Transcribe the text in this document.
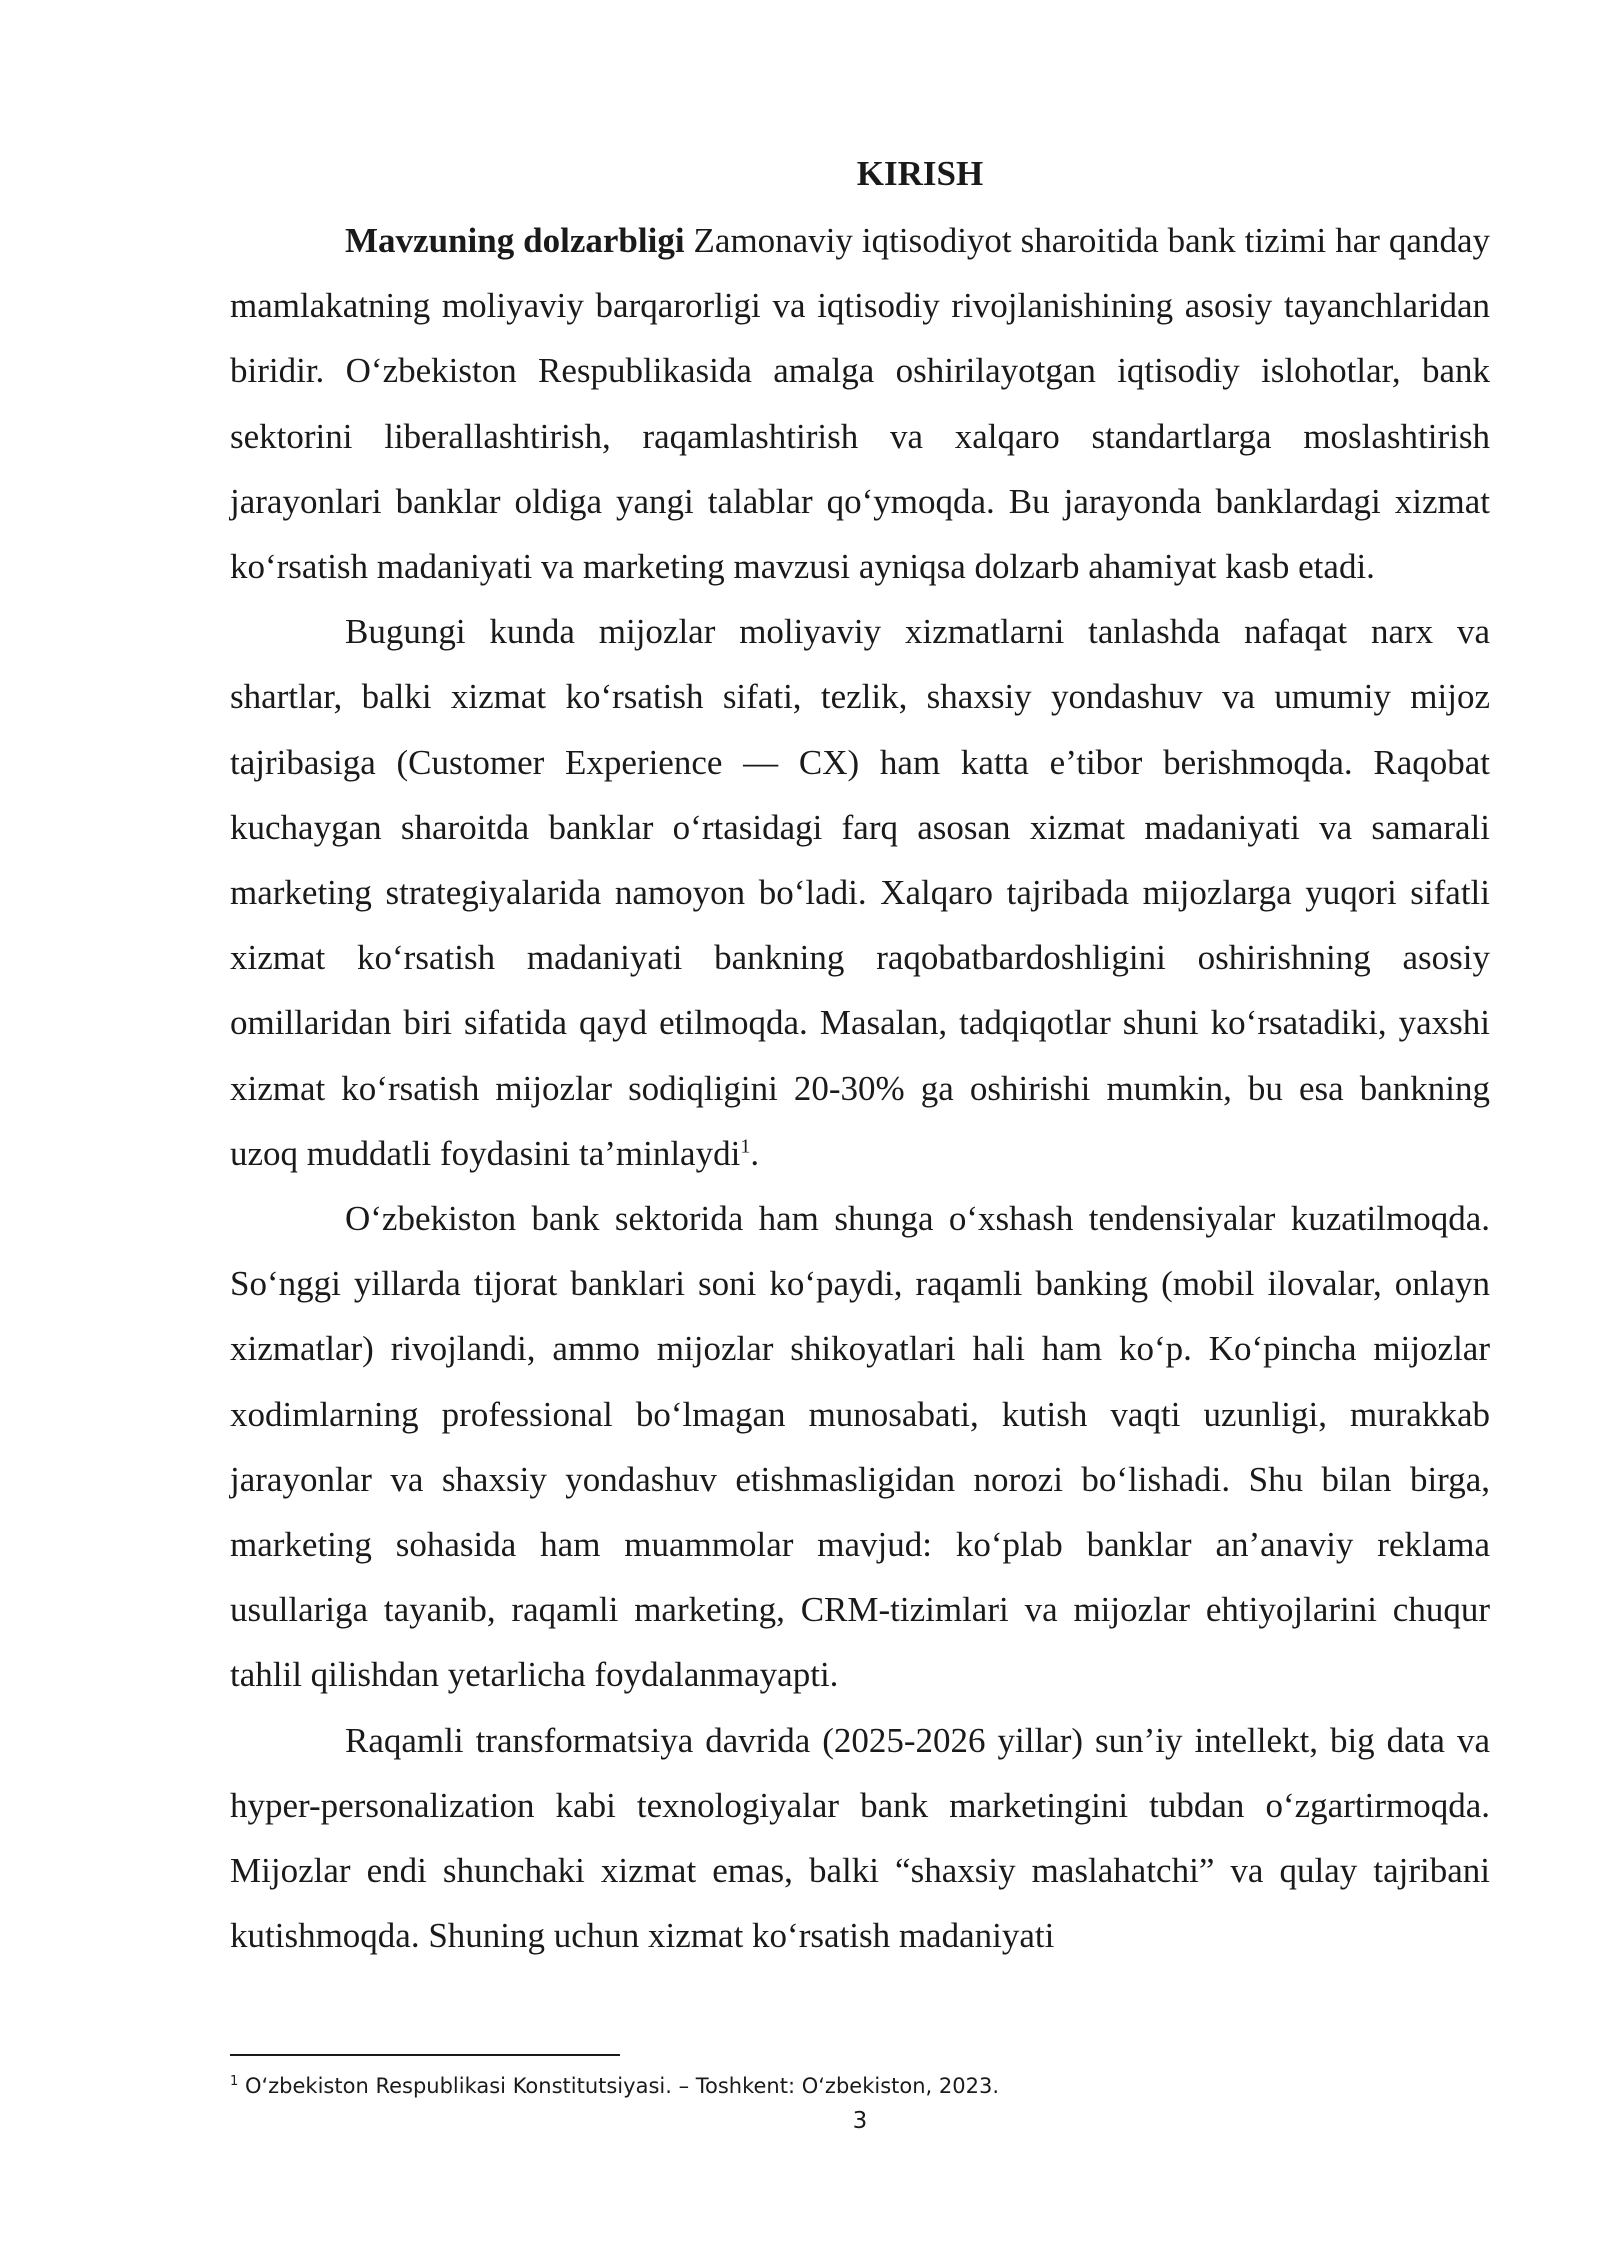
KIRISH

Mavzuning dolzarbligi Zamonaviy iqtisodiyot sharoitida bank tizimi har qanday mamlakatning moliyaviy barqarorligi va iqtisodiy rivojlanishining asosiy tayanchlaridan biridir. O‘zbekiston Respublikasida amalga oshirilayotgan iqtisodiy islohotlar, bank sektorini liberallashtirish, raqamlashtirish va xalqaro standartlarga moslashtirish jarayonlari banklar oldiga yangi talablar qo‘ymoqda. Bu jarayonda banklardagi xizmat ko‘rsatish madaniyati va marketing mavzusi ayniqsa dolzarb ahamiyat kasb etadi.

Bugungi kunda mijozlar moliyaviy xizmatlarni tanlashda nafaqat narx va shartlar, balki xizmat ko‘rsatish sifati, tezlik, shaxsiy yondashuv va umumiy mijoz tajribasiga (Customer Experience — CX) ham katta e’tibor berishmoqda. Raqobat kuchaygan sharoitda banklar o‘rtasidagi farq asosan xizmat madaniyati va samarali marketing strategiyalarida namoyon bo‘ladi. Xalqaro tajribada mijozlarga yuqori sifatli xizmat ko‘rsatish madaniyati bankning raqobatbardoshligini oshirishning asosiy omillaridan biri sifatida qayd etilmoqda. Masalan, tadqiqotlar shuni ko‘rsatadiki, yaxshi xizmat ko‘rsatish mijozlar sodiqligini 20-30% ga oshirishi mumkin, bu esa bankning uzoq muddatli foydasini ta’minlaydi$^1$.

O‘zbekiston bank sektorida ham shunga o‘xshash tendensiyalar kuzatilmoqda. So‘nggi yillarda tijorat banklari soni ko‘paydi, raqamli banking (mobil ilovalar, onlayn xizmatlar) rivojlandi, ammo mijozlar shikoyatlari hali ham ko‘p. Ko‘pincha mijozlar xodimlarning professional bo‘lmagan munosabati, kutish vaqti uzunligi, murakkab jarayonlar va shaxsiy yondashuv etishmasligidan norozi bo‘lishadi. Shu bilan birga, marketing sohasida ham muammolar mavjud: ko‘plab banklar an’anaviy reklama usullariga tayanib, raqamli marketing, CRM-tizimlari va mijozlar ehtiyojlarini chuqur tahlil qilishdan yetarlicha foydalanmayapti.

Raqamli transformatsiya davrida (2025-2026 yillar) sun’iy intellekt, big data va hyper-personalization kabi texnologiyalar bank marketingini tubdan o‘zgartirmoqda. Mijozlar endi shunchaki xizmat emas, balki “shaxsiy maslahatchi” va qulay tajribani kutishmoqda. Shuning uchun xizmat ko‘rsatish madaniyati

$^1$ O‘zbekiston Respublikasi Konstitutsiyasi. – Toshkent: O‘zbekiston, 2023.

3
